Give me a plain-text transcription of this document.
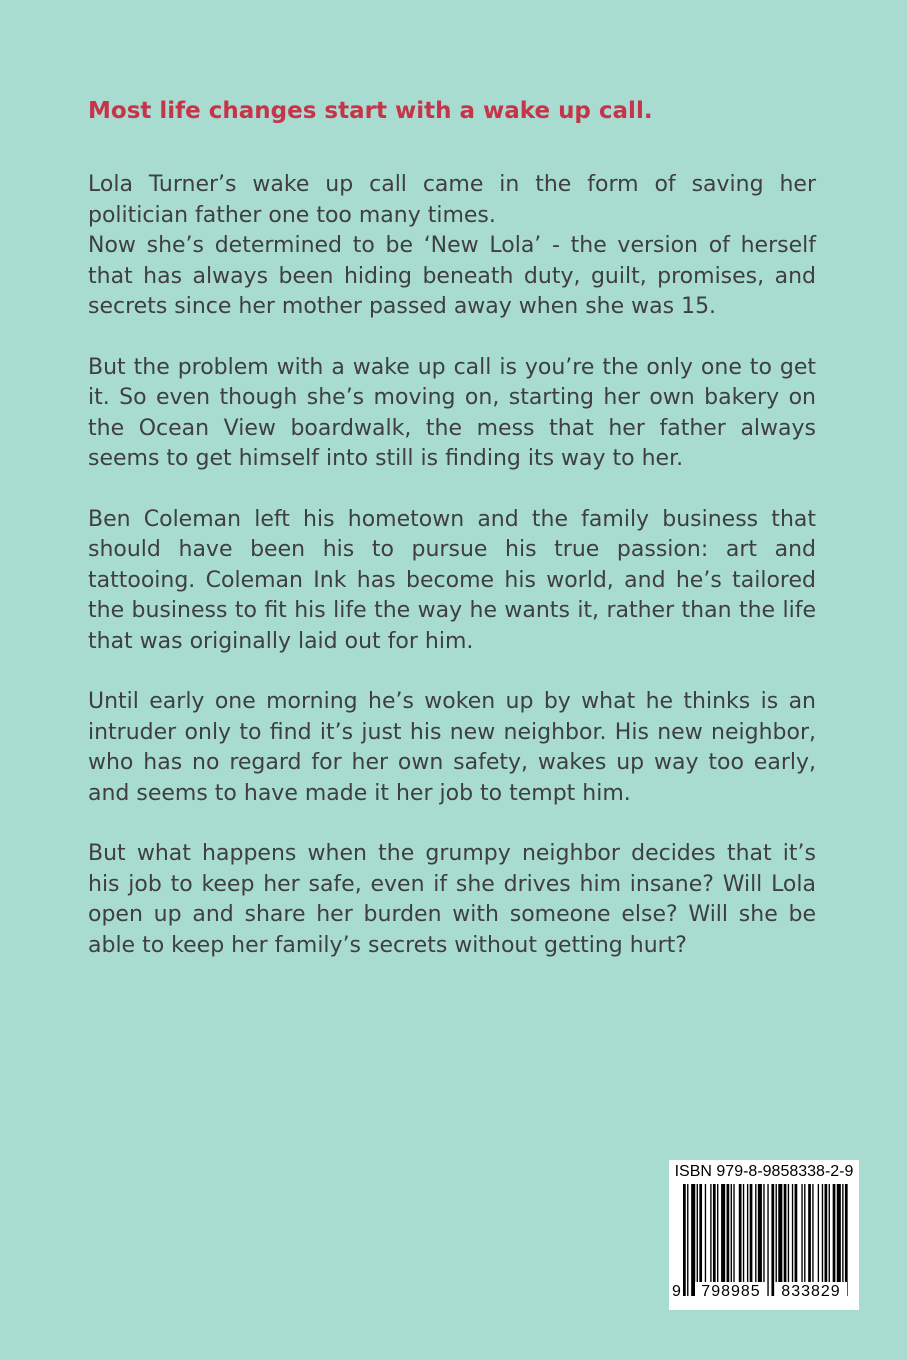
Most life changes start with a wake up call.

Lola Turner’s wake up call came in the form of saving her politician father one too many times.
Now she’s determined to be ‘New Lola’ - the version of herself that has always been hiding beneath duty, guilt, promises, and secrets since her mother passed away when she was 15.

But the problem with a wake up call is you’re the only one to get it. So even though she’s moving on, starting her own bakery on the Ocean View boardwalk, the mess that her father always seems to get himself into still is finding its way to her.

Ben Coleman left his hometown and the family business that should have been his to pursue his true passion: art and tattooing. Coleman Ink has become his world, and he’s tailored the business to fit his life the way he wants it, rather than the life that was originally laid out for him.

Until early one morning he’s woken up by what he thinks is an intruder only to find it’s just his new neighbor. His new neighbor, who has no regard for her own safety, wakes up way too early, and seems to have made it her job to tempt him.

But what happens when the grumpy neighbor decides that it’s his job to keep her safe, even if she drives him insane? Will Lola open up and share her burden with someone else? Will she be able to keep her family’s secrets without getting hurt?

ISBN 979-8-9858338-2-9
9	798985	833829
